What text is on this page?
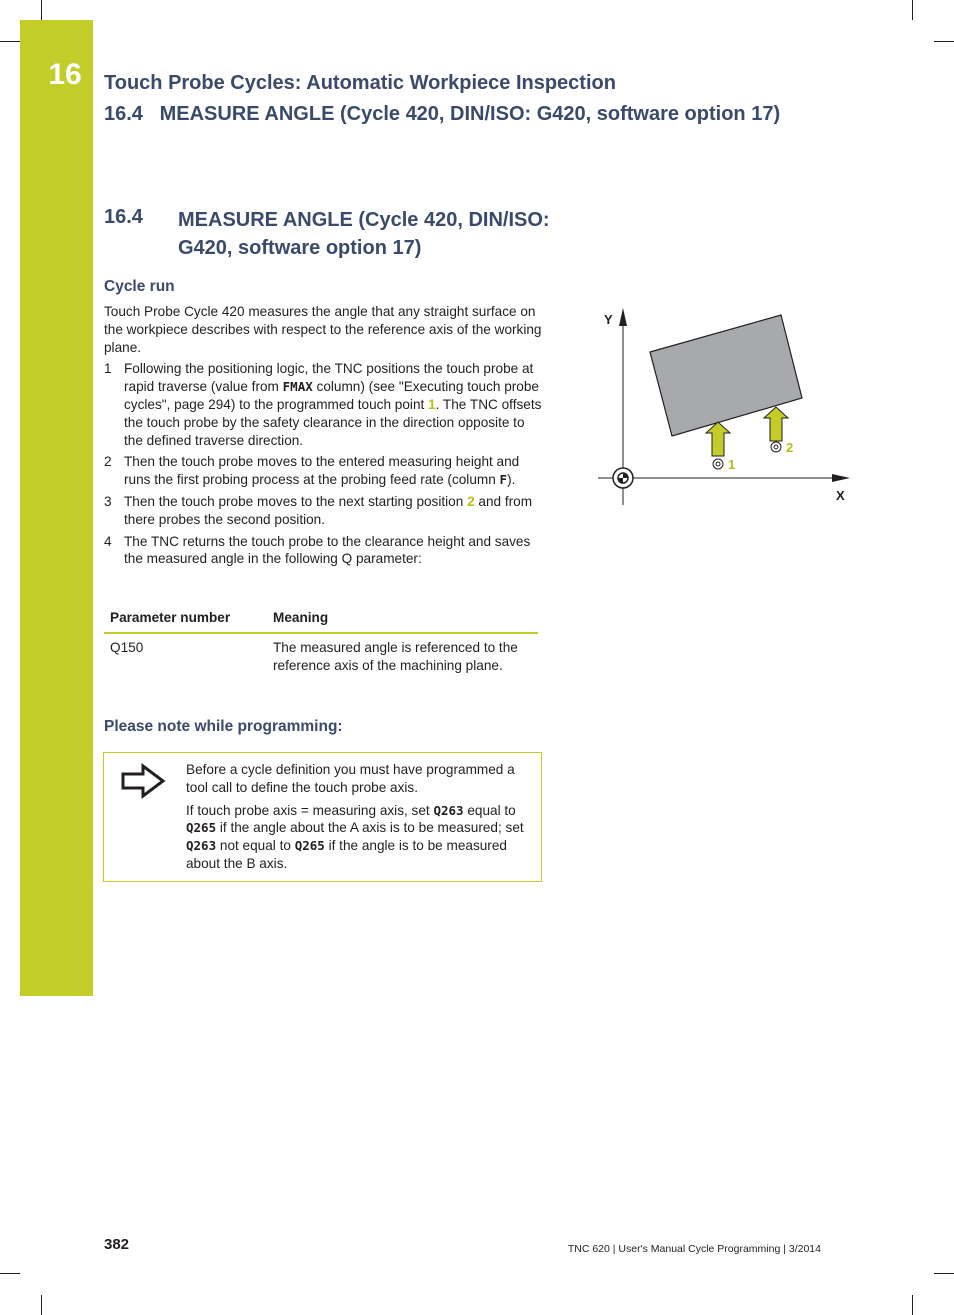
16	Touch Probe Cycles: Automatic Workpiece Inspection
16.4   MEASURE ANGLE (Cycle 420, DIN/ISO: G420, software option 17)
16.4 MEASURE ANGLE (Cycle 420, DIN/ISO: G420, software option 17)
Cycle run

Touch Probe Cycle 420 measures the angle that any straight surface on the workpiece describes with respect to the reference axis of the working plane.

1 Following the positioning logic, the TNC positions the touch probe at rapid traverse (value from FMAX column) (see "Executing touch probe cycles", page 294) to the programmed touch point 1. The TNC offsets the touch probe by the safety clearance in the direction opposite to the defined traverse direction.
2 Then the touch probe moves to the entered measuring height and runs the first probing process at the probing feed rate (column F).
3 Then the touch probe moves to the next starting position 2 and from there probes the second position.
4 The TNC returns the touch probe to the clearance height and saves the measured angle in the following Q parameter:
Parameter number	Meaning
Q150	The measured angle is referenced to the reference axis of the machining plane.
Please note while programming:

Before a cycle definition you must have programmed a tool call to define the touch probe axis.

If touch probe axis = measuring axis, set Q263 equal to Q265 if the angle about the A axis is to be measured; set Q263 not equal to Q265 if the angle is to be measured about the B axis.

Y
X
1
2
382	TNC 620 | User's Manual Cycle Programming | 3/2014
